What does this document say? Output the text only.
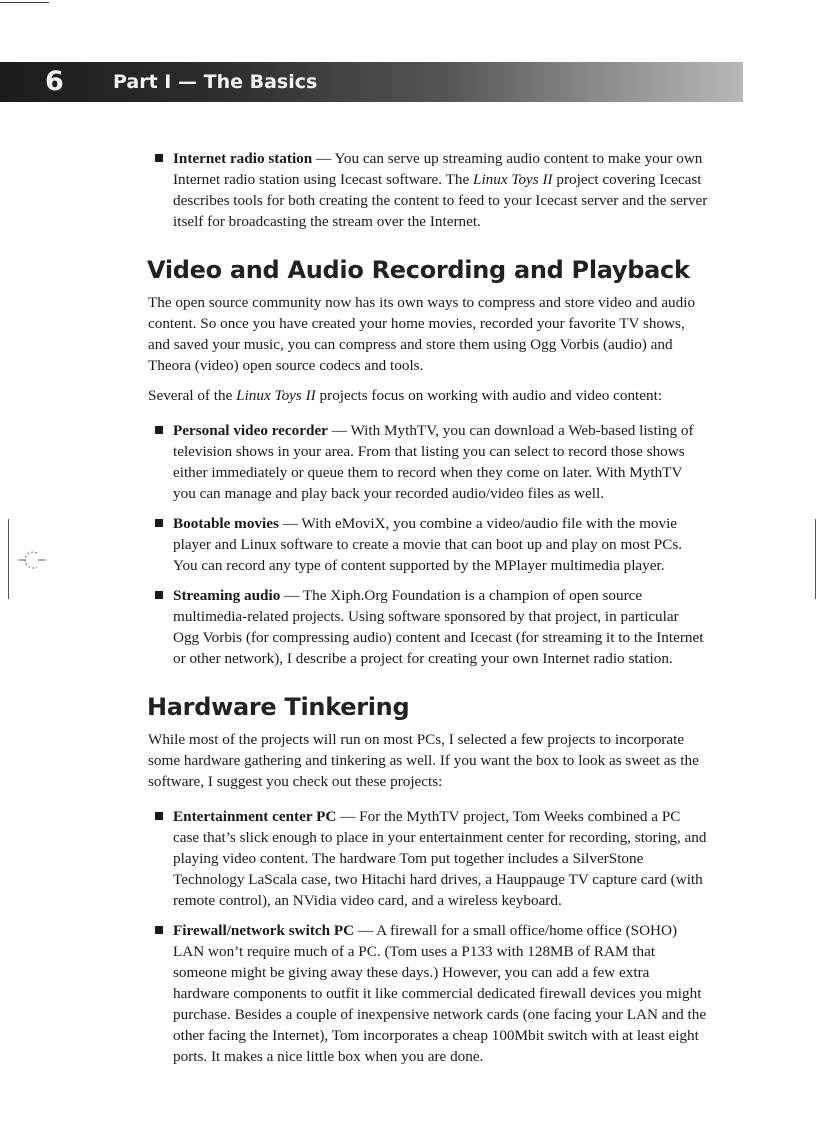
6	Part I — The Basics
Internet radio station — You can serve up streaming audio content to make your own Internet radio station using Icecast software. The Linux Toys II project covering Icecast describes tools for both creating the content to feed to your Icecast server and the server itself for broadcasting the stream over the Internet.
Video and Audio Recording and Playback

The open source community now has its own ways to compress and store video and audio content. So once you have created your home movies, recorded your favorite TV shows, and saved your music, you can compress and store them using Ogg Vorbis (audio) and Theora (video) open source codecs and tools.

Several of the Linux Toys II projects focus on working with audio and video content:

Personal video recorder — With MythTV, you can download a Web-based listing of television shows in your area. From that listing you can select to record those shows either immediately or queue them to record when they come on later. With MythTV you can manage and play back your recorded audio/video files as well.
Bootable movies — With eMoviX, you combine a video/audio file with the movie player and Linux software to create a movie that can boot up and play on most PCs. You can record any type of content supported by the MPlayer multimedia player.
Streaming audio — The Xiph.Org Foundation is a champion of open source multimedia-related projects. Using software sponsored by that project, in particular Ogg Vorbis (for compressing audio) content and Icecast (for streaming it to the Internet or other network), I describe a project for creating your own Internet radio station.
Hardware Tinkering

While most of the projects will run on most PCs, I selected a few projects to incorporate some hardware gathering and tinkering as well. If you want the box to look as sweet as the software, I suggest you check out these projects:

Entertainment center PC — For the MythTV project, Tom Weeks combined a PC case that’s slick enough to place in your entertainment center for recording, storing, and playing video content. The hardware Tom put together includes a SilverStone Technology LaScala case, two Hitachi hard drives, a Hauppauge TV capture card (with remote control), an NVidia video card, and a wireless keyboard.
Firewall/network switch PC — A firewall for a small office/home office (SOHO) LAN won’t require much of a PC. (Tom uses a P133 with 128MB of RAM that someone might be giving away these days.) However, you can add a few extra hardware components to outfit it like commercial dedicated firewall devices you might purchase. Besides a couple of inexpensive network cards (one facing your LAN and the other facing the Internet), Tom incorporates a cheap 100Mbit switch with at least eight ports. It makes a nice little box when you are done.
